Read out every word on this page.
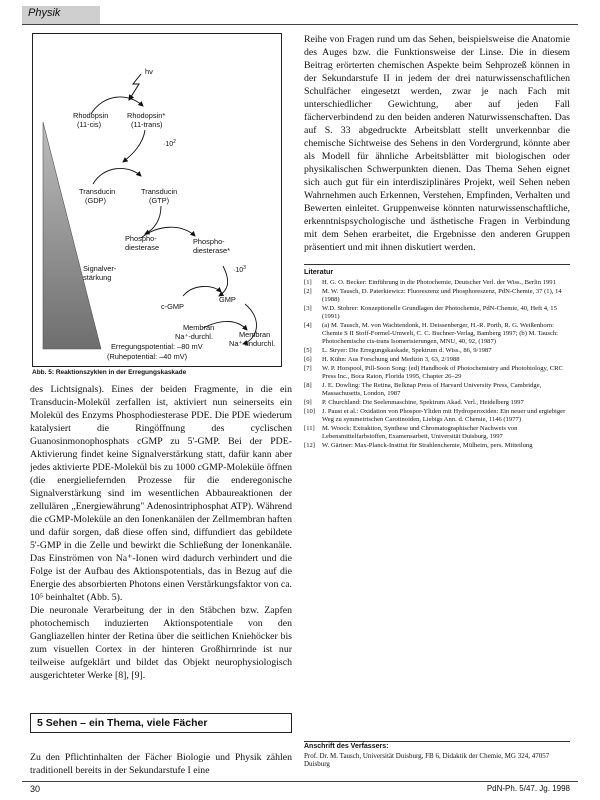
Physik
hν
Rhodopsin
(11-cis)
Rhodopsin*
(11-trans)
$\cdot 10^2$
Transducin
(GDP)
Transducin
(GTP)
Phospho-
diesterase
Phospho-
diesterase*
$\cdot 10^3$
Signalver-
stärkung
c-GMP
GMP
Membran
Na⁺-durchl.	Membran
Na⁺-undurchl.
Erregungspotential: –80 mV
(Ruhepotential: –40 mV)
Abb. 5: Reaktionszyklen in der Erregungskaskade

des Lichtsignals). Eines der beiden Fragmente, in die ein Transducin-Molekül zerfallen ist, aktiviert nun seinerseits ein Molekül des Enzyms Phosphodiesterase PDE. Die PDE wiederum katalysiert die Ringöffnung des cyclischen Guanosinmonophosphats cGMP zu 5'-GMP. Bei der PDE-Aktivierung findet keine Signalverstärkung statt, dafür kann aber jedes aktivierte PDE-Molekül bis zu 1000 cGMP-Moleküle öffnen (die energieliefernden Prozesse für die enderegonische Signalverstärkung sind im wesentlichen Abbaureaktionen der zellulären „Energiewährung" Adenosintriphosphat ATP). Während die cGMP-Moleküle an den Ionenkanälen der Zellmembran haften und dafür sorgen, daß diese offen sind, diffundiert das gebildete 5'-GMP in die Zelle und bewirkt die Schließung der Ionenkanäle. Das Einströmen von Na⁺-Ionen wird dadurch verhindert und die Folge ist der Aufbau des Aktionspotentials, das in Bezug auf die Energie des absorbierten Photons einen Verstärkungsfaktor von ca. 10⁵ beinhaltet (Abb. 5).

Die neuronale Verarbeitung der in den Stäbchen bzw. Zapfen photochemisch induzierten Aktionspotentiale von den Gangliazellen hinter der Retina über die seitlichen Kniehöcker bis zum visuellen Cortex in der hinteren Großhirnrinde ist nur teilweise aufgeklärt und bildet das Objekt neurophysiologisch ausgerichteter Werke [8], [9].

5 Sehen – ein Thema, viele Fächer

Zu den Pflichtinhalten der Fächer Biologie und Physik zählen traditionell bereits in der Sekundarstufe I eine

Reihe von Fragen rund um das Sehen, beispielsweise die Anatomie des Auges bzw. die Funktionsweise der Linse. Die in diesem Beitrag erörterten chemischen Aspekte beim Sehprozeß können in der Sekundarstufe II in jedem der drei naturwissenschaftlichen Schulfächer eingesetzt werden, zwar je nach Fach mit unterschiedlicher Gewichtung, aber auf jeden Fall fächerverbindend zu den beiden anderen Naturwissenschaften. Das auf S. 33 abgedruckte Arbeitsblatt stellt unverkennbar die chemische Sichtweise des Sehens in den Vordergrund, könnte aber als Modell für ähnliche Arbeitsblätter mit biologischen oder physikalischen Schwerpunkten dienen. Das Thema Sehen eignet sich auch gut für ein interdisziplinäres Projekt, weil Sehen neben Wahrnehmen auch Erkennen, Verstehen, Empfinden, Verhalten und Bewerten einleitet. Gruppenweise könnten naturwissenschaftliche, erkenntnispsychologische und ästhetische Fragen in Verbindung mit dem Sehen erarbeitet, die Ergebnisse den anderen Gruppen präsentiert und mit ihnen diskutiert werden.

Literatur
[1]	H. G. O. Becker: Einführung in die Photochemie, Deutscher Verl. der Wiss., Berlin 1991
[2]	M. W. Tausch, D. Paterkiewicz: Fluoreszenz und Phosphoreszenz, PdN-Chemie, 37 (1), 14 (1988)
[3]	W.D. Stohrer: Konzeptionelle Grundlagen der Photochemie, PdN-Chemie, 40, Heft 4, 15 (1991)
[4]	(a) M. Tausch, M. von Wachtendonk, H. Deissenberger, H.-R. Porth, R. G. Weißenhorn: Chemie S II Stoff-Formel-Umwelt, C. C. Buchner-Verlag, Bamberg 1997; (b) M. Tausch: Photochemische cis-trans Isomerisierungen, MNU, 40, 92, (1987)
[5]	L. Stryer: Die Erregungskaskade, Spektrum d. Wiss., 86, 9/1987
[6]	H. Kühn: Aus Forschung und Medizin 3, 63, 2/1988
[7]	W. P. Horspool, Pill-Soon Song: (ed) Handbook of Photochemistry and Photobiology, CRC Press Inc., Boca Raton, Florida 1995, Chapter 26–29
[8]	J. E. Dowling: The Retina, Belknap Press of Harvard University Press, Cambridge, Massachusetts, London, 1987
[9]	P. Churchland: Die Seelenmaschine, Spektrum Akad. Verl., Heidelberg 1997
[10]	J. Paust et al.: Oxidation von Phospor-Yliden mit Hydroperoxiden: Ein neuer und ergiebiger Weg zu symmetrischen Carotinoiden, Liebigs Ann. d. Chemie, 1146 (1977)
[11]	M. Woock: Extraktion, Synthese und Chromatographischer Nachweis von Lebensmittelfarbstoffen, Examensarbeit, Universität Duisburg, 1997
[12]	W. Gärtner: Max-Planck-Institut für Strahlenchemie, Mülheim, pers. Mitteilung
Anschrift des Verfassers:
Prof. Dr. M. Tausch, Universität Duisburg, FB 6, Didaktik der Chemie, MG 324, 47057 Duisburg
30	PdN-Ph. 5/47. Jg. 1998
